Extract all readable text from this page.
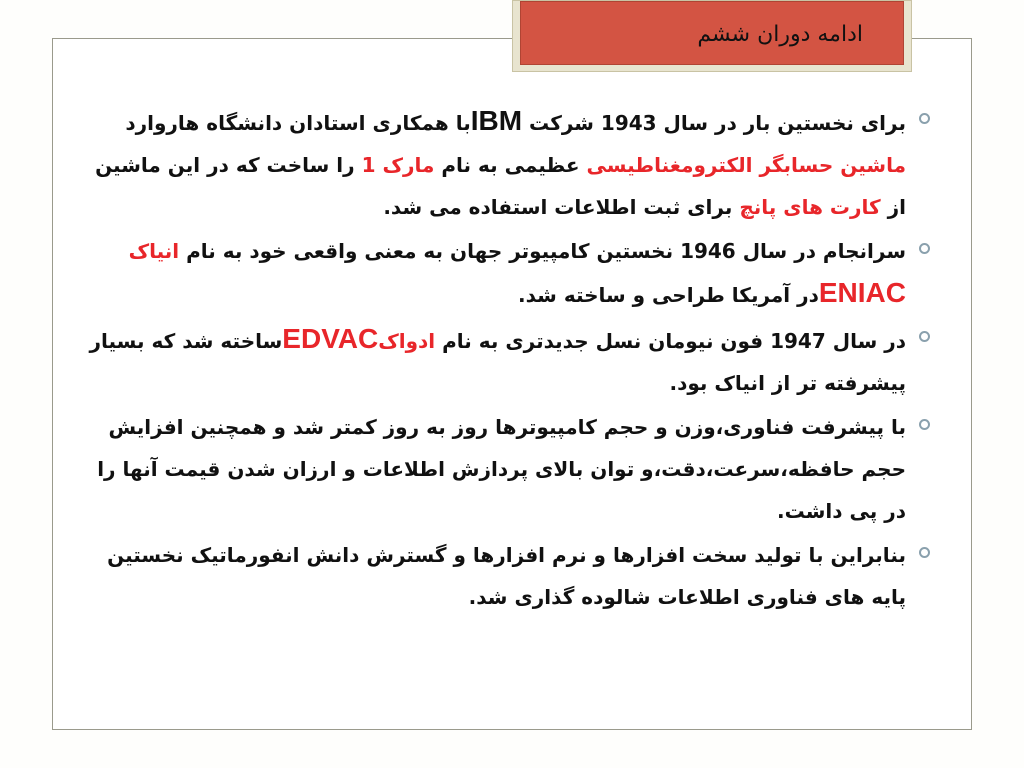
ادامه دوران ششم
برای نخستین بار در سال 1943 شرکت IBMبا همکاری استادان دانشگاه هاروارد ماشین حسابگر الکترومغناطیسی عظیمی به نام مارک 1 را ساخت که در این ماشین از کارت های پانچ برای ثبت اطلاعات استفاده می شد.
سرانجام در سال 1946 نخستین کامپیوتر جهان به معنی واقعی خود به نام انیاک ENIACدر آمریکا طراحی و ساخته شد.
در سال 1947 فون نیومان نسل جدیدتری به نام ادواکEDVACساخته شد که بسیار پیشرفته تر از انیاک بود.
با پیشرفت فناوری،وزن و حجم کامپیوترها روز به روز کمتر شد و همچنین افزایش حجم حافظه،سرعت،دقت،و توان بالای پردازش اطلاعات و ارزان شدن قیمت آنها را در پی داشت.
بنابراین با تولید سخت افزارها و نرم افزارها و گسترش دانش انفورماتیک نخستین پایه های فناوری اطلاعات شالوده گذاری شد.
